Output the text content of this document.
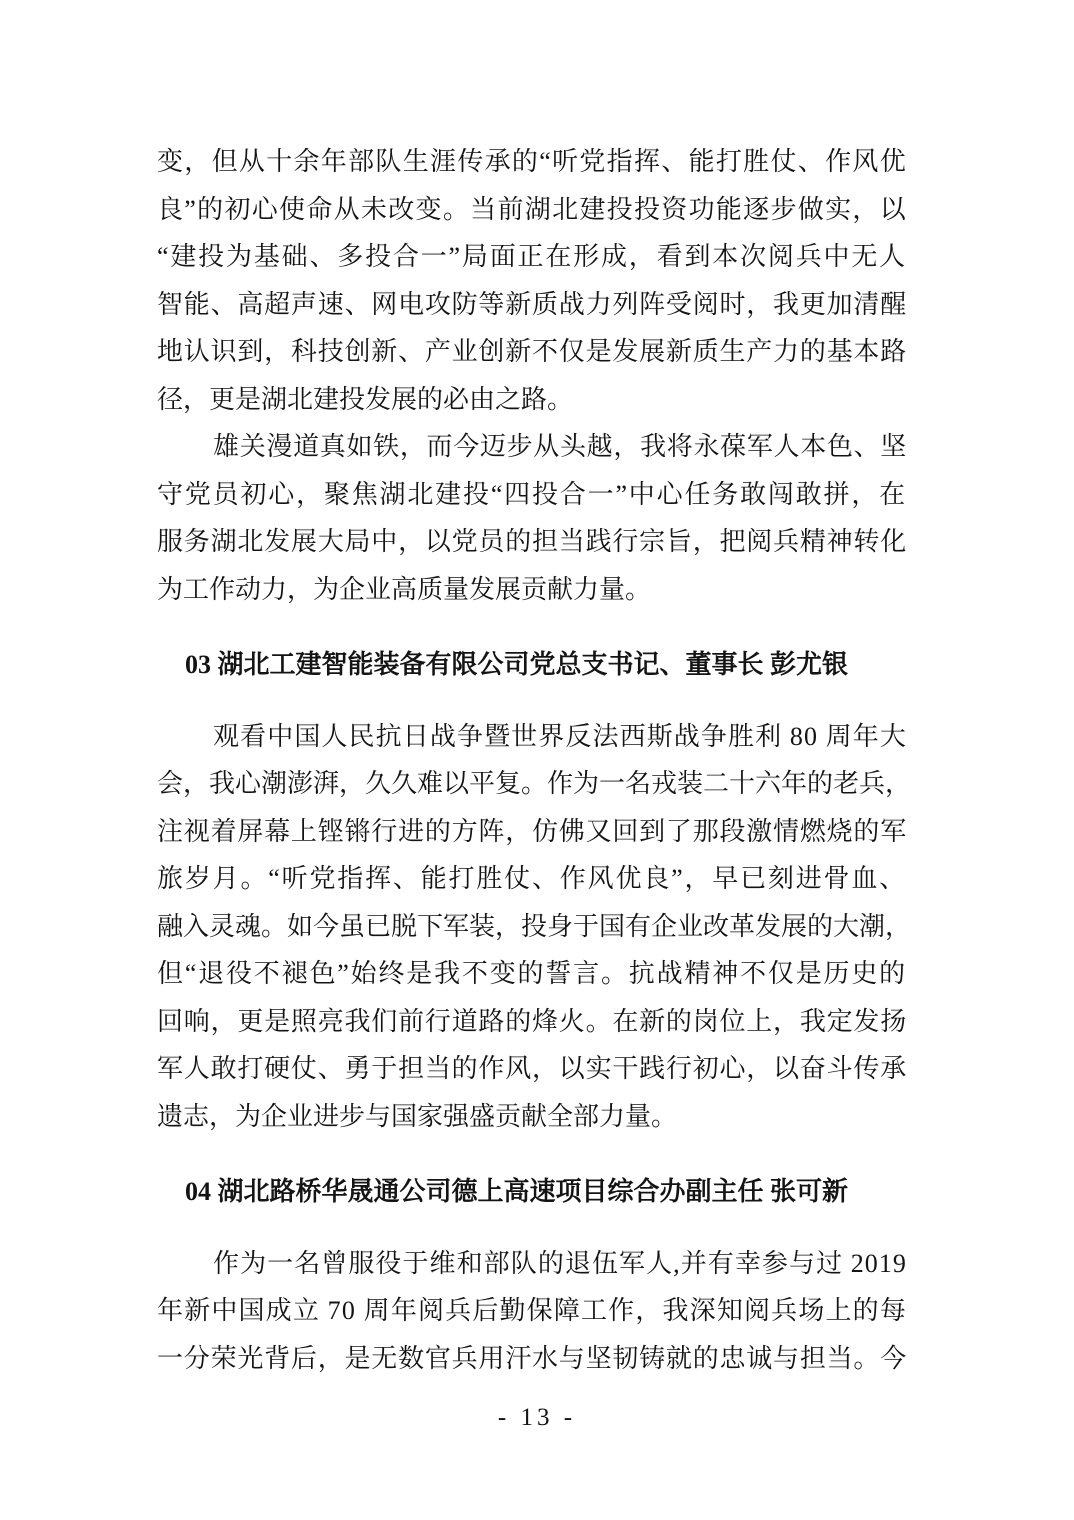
变，但从十余年部队生涯传承的“听党指挥、能打胜仗、作风优
良”的初心使命从未改变。当前湖北建投投资功能逐步做实，以
“建投为基础、多投合一”局面正在形成，看到本次阅兵中无人
智能、高超声速、网电攻防等新质战力列阵受阅时，我更加清醒
地认识到，科技创新、产业创新不仅是发展新质生产力的基本路
径，更是湖北建投发展的必由之路。
雄关漫道真如铁，而今迈步从头越，我将永葆军人本色、坚
守党员初心，聚焦湖北建投“四投合一”中心任务敢闯敢拼，在
服务湖北发展大局中，以党员的担当践行宗旨，把阅兵精神转化
为工作动力，为企业高质量发展贡献力量。
03 湖北工建智能装备有限公司党总支书记、董事长 彭尤银
观看中国人民抗日战争暨世界反法西斯战争胜利 80 周年大
会，我心潮澎湃，久久难以平复。作为一名戎装二十六年的老兵，
注视着屏幕上铿锵行进的方阵，仿佛又回到了那段激情燃烧的军
旅岁月。“听党指挥、能打胜仗、作风优良”，早已刻进骨血、
融入灵魂。如今虽已脱下军装，投身于国有企业改革发展的大潮，
但“退役不褪色”始终是我不变的誓言。抗战精神不仅是历史的
回响，更是照亮我们前行道路的烽火。在新的岗位上，我定发扬
军人敢打硬仗、勇于担当的作风，以实干践行初心，以奋斗传承
遗志，为企业进步与国家强盛贡献全部力量。
04 湖北路桥华晟通公司德上高速项目综合办副主任 张可新
作为一名曾服役于维和部队的退伍军人,并有幸参与过 2019
年新中国成立 70 周年阅兵后勤保障工作，我深知阅兵场上的每
一分荣光背后，是无数官兵用汗水与坚韧铸就的忠诚与担当。今
- 13 -
